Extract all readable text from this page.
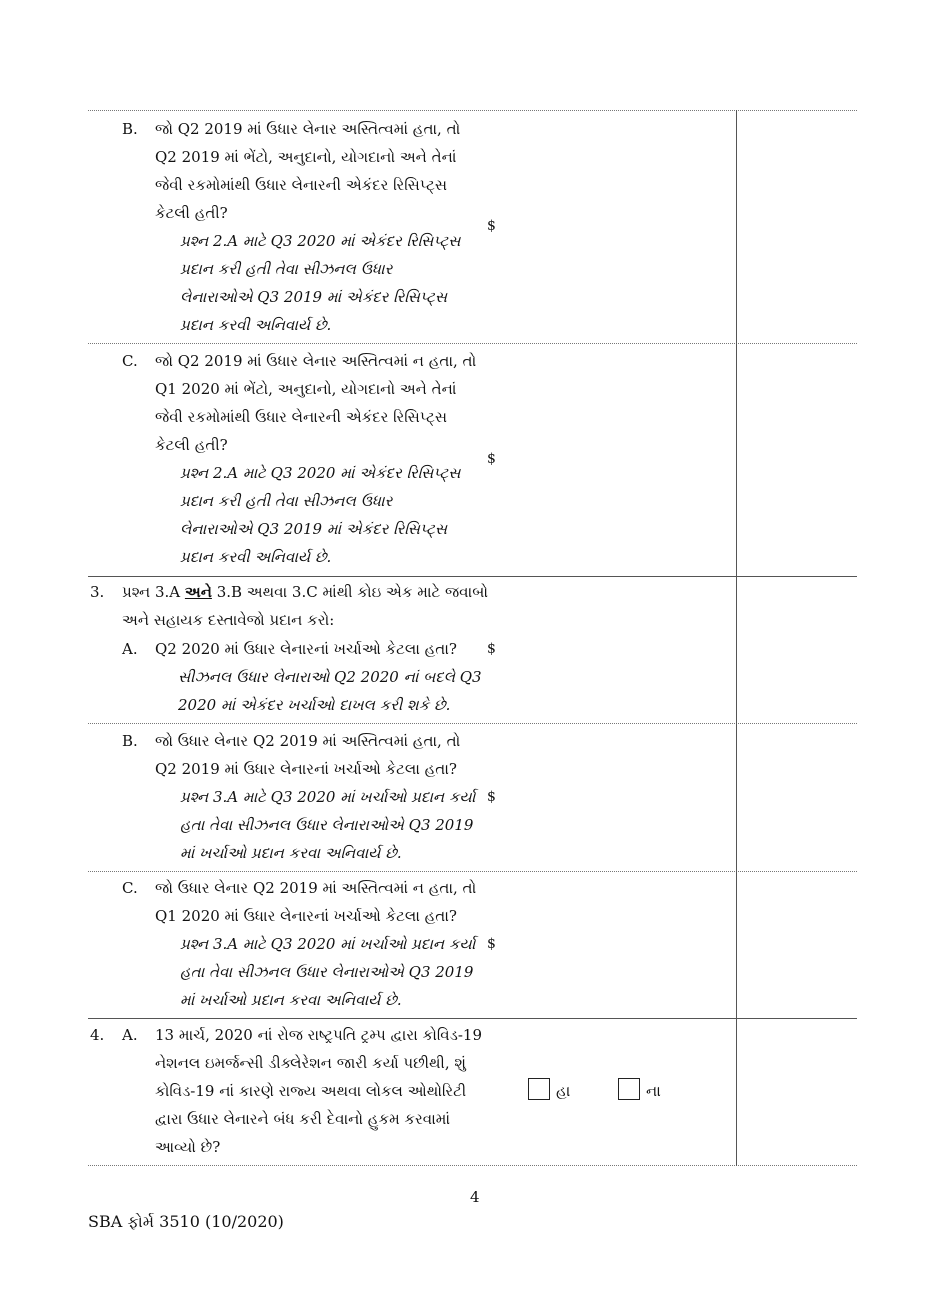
B. જો Q2 2019 માં ઉધાર લેનાર અસ્તિત્વમાં હતા, તો
Q2 2019 માં ભેંટો, અનુદાનો, યોગદાનો અને તેનાં
જેવી રકમોમાંથી ઉધાર લેનારની એકંદર રિસિપ્ટ્સ
કેટલી હતી?
પ્રશ્ન 2.A માટે Q3 2020 માં એકંદર રિસિપ્ટ્સ
પ્રદાન કરી હતી તેવા સીઝનલ ઉધાર
લેનારાઓએ Q3 2019 માં એકંદર રિસિપ્ટ્સ
પ્રદાન કરવી અનિવાર્ય છે.
$
C. જો Q2 2019 માં ઉધાર લેનાર અસ્તિત્વમાં ન હતા, તો
Q1 2020 માં ભેંટો, અનુદાનો, યોગદાનો અને તેનાં
જેવી રકમોમાંથી ઉધાર લેનારની એકંદર રિસિપ્ટ્સ
કેટલી હતી?
પ્રશ્ન 2.A માટે Q3 2020 માં એકંદર રિસિપ્ટ્સ
પ્રદાન કરી હતી તેવા સીઝનલ ઉધાર
લેનારાઓએ Q3 2019 માં એકંદર રિસિપ્ટ્સ
પ્રદાન કરવી અનિવાર્ય છે.
$
3. પ્રશ્ન 3.A અને 3.B અથવા 3.C માંથી કોઇ એક માટે જવાબો
અને સહાયક દસ્તાવેજો પ્રદાન કરો:
A. Q2 2020 માં ઉધાર લેનારનાં ખર્ચાઓ કેટલા હતા? $
સીઝનલ ઉધાર લેનારાઓ Q2 2020 નાં બદલે Q3
2020 માં એકંદર ખર્ચાઓ દાખલ કરી શકે છે.
B. જો ઉધાર લેનાર Q2 2019 માં અસ્તિત્વમાં હતા, તો
Q2 2019 માં ઉધાર લેનારનાં ખર્ચાઓ કેટલા હતા?
પ્રશ્ન 3.A માટે Q3 2020 માં ખર્ચાઓ પ્રદાન કર્યા
હતા તેવા સીઝનલ ઉધાર લેનારાઓએ Q3 2019
માં ખર્ચાઓ પ્રદાન કરવા અનિવાર્ય છે.
$
C. જો ઉધાર લેનાર Q2 2019 માં અસ્તિત્વમાં ન હતા, તો
Q1 2020 માં ઉધાર લેનારનાં ખર્ચાઓ કેટલા હતા?
પ્રશ્ન 3.A માટે Q3 2020 માં ખર્ચાઓ પ્રદાન કર્યા
હતા તેવા સીઝનલ ઉધાર લેનારાઓએ Q3 2019
માં ખર્ચાઓ પ્રદાન કરવા અનિવાર્ય છે.
$
4. A. 13 માર્ચ, 2020 નાં રોજ રાષ્ટ્રપતિ ટ્રમ્પ દ્વારા કોવિડ-19
નેશનલ ઇમર્જન્સી ડીક્લેરેશન જારી કર્યા પછીથી, શું
કોવિડ-19 નાં કારણે રાજ્ય અથવા લોકલ ઓથોરિટી
દ્વારા ઉધાર લેનારને બંધ કરી દેવાનો હુકમ કરવામાં
આવ્યો છે?
હા	ના
4
SBA ફોર્મ 3510 (10/2020)
